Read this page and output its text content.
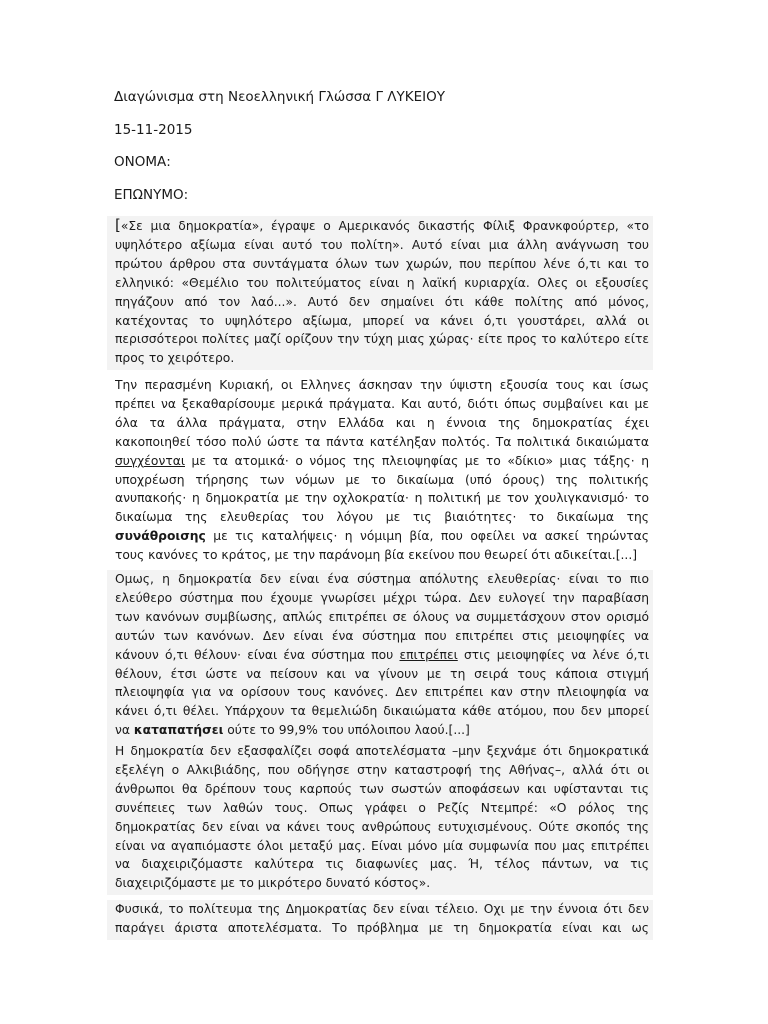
Διαγώνισμα στη Νεοελληνική Γλώσσα Γ ΛΥΚΕΙΟΥ
15-11-2015
ΟΝΟΜΑ:
ΕΠΩΝΥΜΟ:
[«Σε μια δημοκρατία», έγραψε ο Αμερικανός δικαστής Φίλιξ Φρανκφούρτερ, «το
υψηλότερο αξίωμα είναι αυτό του πολίτη». Αυτό είναι μια άλλη ανάγνωση του
πρώτου άρθρου στα συντάγματα όλων των χωρών, που περίπου λένε ό,τι και το
ελληνικό: «Θεμέλιο του πολιτεύματος είναι η λαϊκή κυριαρχία. Ολες οι εξουσίες
πηγάζουν από τον λαό...». Αυτό δεν σημαίνει ότι κάθε πολίτης από μόνος,
κατέχοντας το υψηλότερο αξίωμα, μπορεί να κάνει ό,τι γουστάρει, αλλά οι
περισσότεροι πολίτες μαζί ορίζουν την τύχη μιας χώρας· είτε προς το καλύτερο είτε
προς το χειρότερο.
Την περασμένη Κυριακή, οι Ελληνες άσκησαν την ύψιστη εξουσία τους και ίσως
πρέπει να ξεκαθαρίσουμε μερικά πράγματα. Και αυτό, διότι όπως συμβαίνει και με
όλα τα άλλα πράγματα, στην Ελλάδα και η έννοια της δημοκρατίας έχει
κακοποιηθεί τόσο πολύ ώστε τα πάντα κατέληξαν πολτός. Τα πολιτικά δικαιώματα
συγχέονται με τα ατομικά· ο νόμος της πλειοψηφίας με το «δίκιο» μιας τάξης· η
υποχρέωση τήρησης των νόμων με το δικαίωμα (υπό όρους) της πολιτικής
ανυπακοής· η δημοκρατία με την οχλοκρατία· η πολιτική με τον χουλιγκανισμό· το
δικαίωμα της ελευθερίας του λόγου με τις βιαιότητες· το δικαίωμα της
συνάθροισης με τις καταλήψεις· η νόμιμη βία, που οφείλει να ασκεί τηρώντας
τους κανόνες το κράτος, με την παράνομη βία εκείνου που θεωρεί ότι αδικείται.[...]
Ομως, η δημοκρατία δεν είναι ένα σύστημα απόλυτης ελευθερίας· είναι το πιο
ελεύθερο σύστημα που έχουμε γνωρίσει μέχρι τώρα. Δεν ευλογεί την παραβίαση
των κανόνων συμβίωσης, απλώς επιτρέπει σε όλους να συμμετάσχουν στον ορισμό
αυτών των κανόνων. Δεν είναι ένα σύστημα που επιτρέπει στις μειοψηφίες να
κάνουν ό,τι θέλουν· είναι ένα σύστημα που επιτρέπει στις μειοψηφίες να λένε ό,τι
θέλουν, έτσι ώστε να πείσουν και να γίνουν με τη σειρά τους κάποια στιγμή
πλειοψηφία για να ορίσουν τους κανόνες. Δεν επιτρέπει καν στην πλειοψηφία να
κάνει ό,τι θέλει. Υπάρχουν τα θεμελιώδη δικαιώματα κάθε ατόμου, που δεν μπορεί
να καταπατήσει ούτε το 99,9% του υπόλοιπου λαού.[...]
Η δημοκρατία δεν εξασφαλίζει σοφά αποτελέσματα –μην ξεχνάμε ότι δημοκρατικά
εξελέγη ο Αλκιβιάδης, που οδήγησε στην καταστροφή της Αθήνας–, αλλά ότι οι
άνθρωποι θα δρέπουν τους καρπούς των σωστών αποφάσεων και υφίστανται τις
συνέπειες των λαθών τους. Οπως γράφει ο Ρεζίς Ντεμπρέ: «Ο ρόλος της
δημοκρατίας δεν είναι να κάνει τους ανθρώπους ευτυχισμένους. Ούτε σκοπός της
είναι να αγαπιόμαστε όλοι μεταξύ μας. Είναι μόνο μία συμφωνία που μας επιτρέπει
να διαχειριζόμαστε καλύτερα τις διαφωνίες μας. Ή, τέλος πάντων, να τις
διαχειριζόμαστε με το μικρότερο δυνατό κόστος».
Φυσικά, το πολίτευμα της Δημοκρατίας δεν είναι τέλειο. Οχι με την έννοια ότι δεν
παράγει άριστα αποτελέσματα. Το πρόβλημα με τη δημοκρατία είναι και ως
